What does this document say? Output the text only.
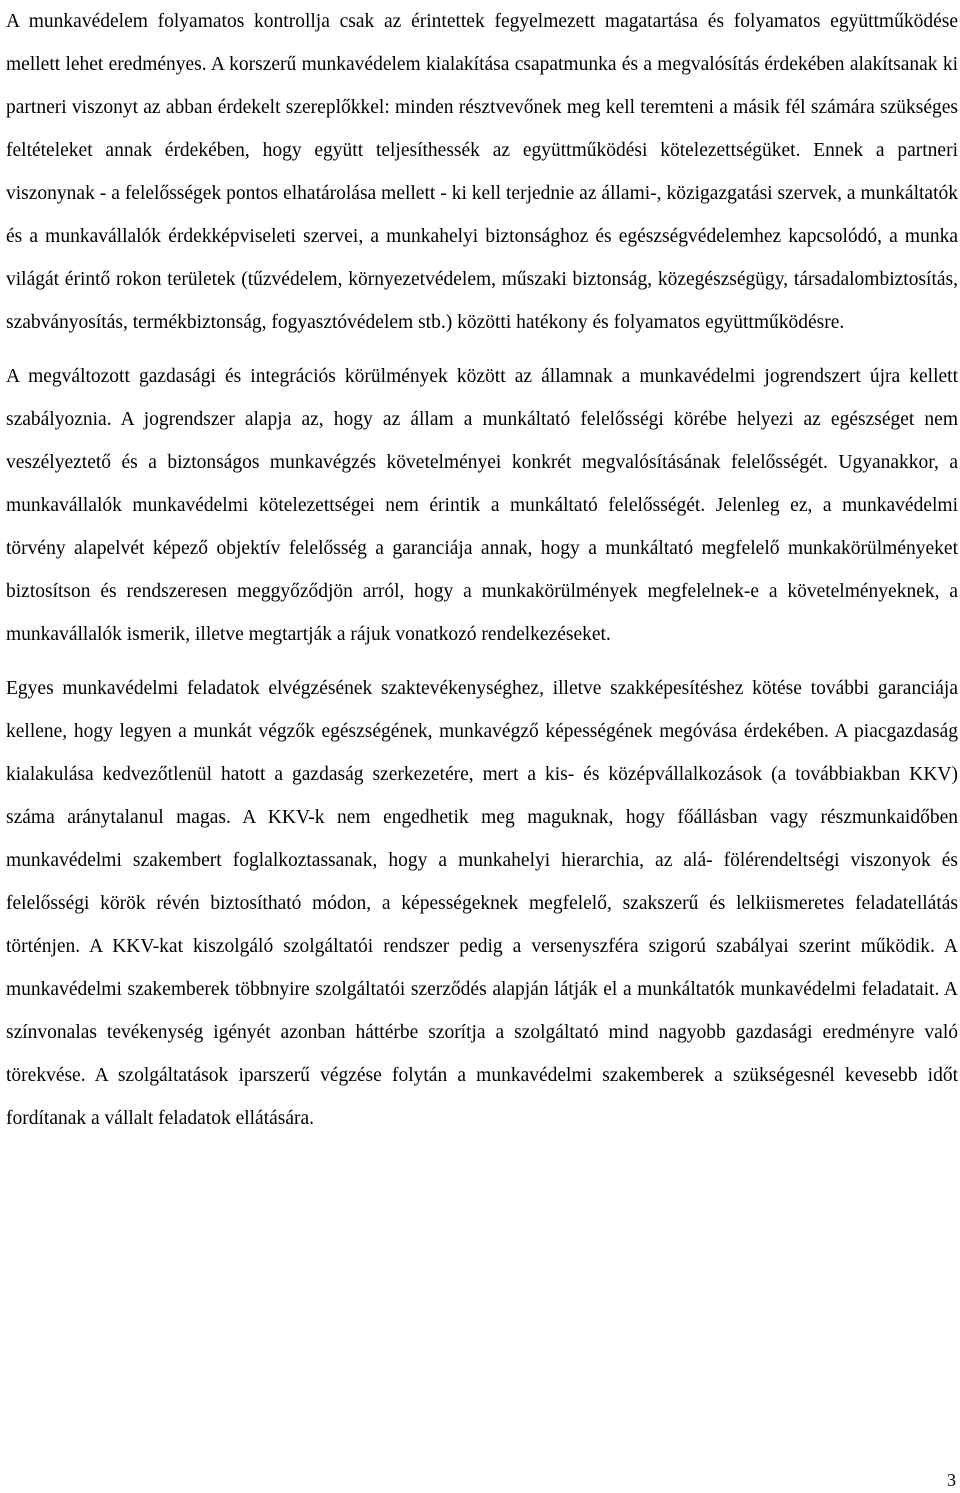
A munkavédelem folyamatos kontrollja csak az érintettek fegyelmezett magatartása és folyamatos együttműködése mellett lehet eredményes. A korszerű munkavédelem kialakítása csapatmunka és a megvalósítás érdekében alakítsanak ki partneri viszonyt az abban érdekelt szereplőkkel: minden résztvevőnek meg kell teremteni a másik fél számára szükséges feltételeket annak érdekében, hogy együtt teljesíthessék az együttműködési kötelezettségüket. Ennek a partneri viszonynak - a felelősségek pontos elhatárolása mellett - ki kell terjednie az állami-, közigazgatási szervek, a munkáltatók és a munkavállalók érdekképviseleti szervei, a munkahelyi biztonsághoz és egészségvédelemhez kapcsolódó, a munka világát érintő rokon területek (tűzvédelem, környezetvédelem, műszaki biztonság, közegészségügy, társadalombiztosítás, szabványosítás, termékbiztonság, fogyasztóvédelem stb.) közötti hatékony és folyamatos együttműködésre.

A megváltozott gazdasági és integrációs körülmények között az államnak a munkavédelmi jogrendszert újra kellett szabályoznia. A jogrendszer alapja az, hogy az állam a munkáltató felelősségi körébe helyezi az egészséget nem veszélyeztető és a biztonságos munkavégzés követelményei konkrét megvalósításának felelősségét. Ugyanakkor, a munkavállalók munkavédelmi kötelezettségei nem érintik a munkáltató felelősségét. Jelenleg ez, a munkavédelmi törvény alapelvét képező objektív felelősség a garanciája annak, hogy a munkáltató megfelelő munkakörülményeket biztosítson és rendszeresen meggyőződjön arról, hogy a munkakörülmények megfelelnek-e a követelményeknek, a munkavállalók ismerik, illetve megtartják a rájuk vonatkozó rendelkezéseket.

Egyes munkavédelmi feladatok elvégzésének szaktevékenységhez, illetve szakképesítéshez kötése további garanciája kellene, hogy legyen a munkát végzők egészségének, munkavégző képességének megóvása érdekében. A piacgazdaság kialakulása kedvezőtlenül hatott a gazdaság szerkezetére, mert a kis- és középvállalkozások (a továbbiakban KKV) száma aránytalanul magas. A KKV-k nem engedhetik meg maguknak, hogy főállásban vagy részmunkaidőben munkavédelmi szakembert foglalkoztassanak, hogy a munkahelyi hierarchia, az alá- fölérendeltségi viszonyok és felelősségi körök révén biztosítható módon, a képességeknek megfelelő, szakszerű és lelkiismeretes feladatellátás történjen. A KKV-kat kiszolgáló szolgáltatói rendszer pedig a versenyszféra szigorú szabályai szerint működik. A munkavédelmi szakemberek többnyire szolgáltatói szerződés alapján látják el a munkáltatók munkavédelmi feladatait. A színvonalas tevékenység igényét azonban háttérbe szorítja a szolgáltató mind nagyobb gazdasági eredményre való törekvése. A szolgáltatások iparszerű végzése folytán a munkavédelmi szakemberek a szükségesnél kevesebb időt fordítanak a vállalt feladatok ellátására.

3
